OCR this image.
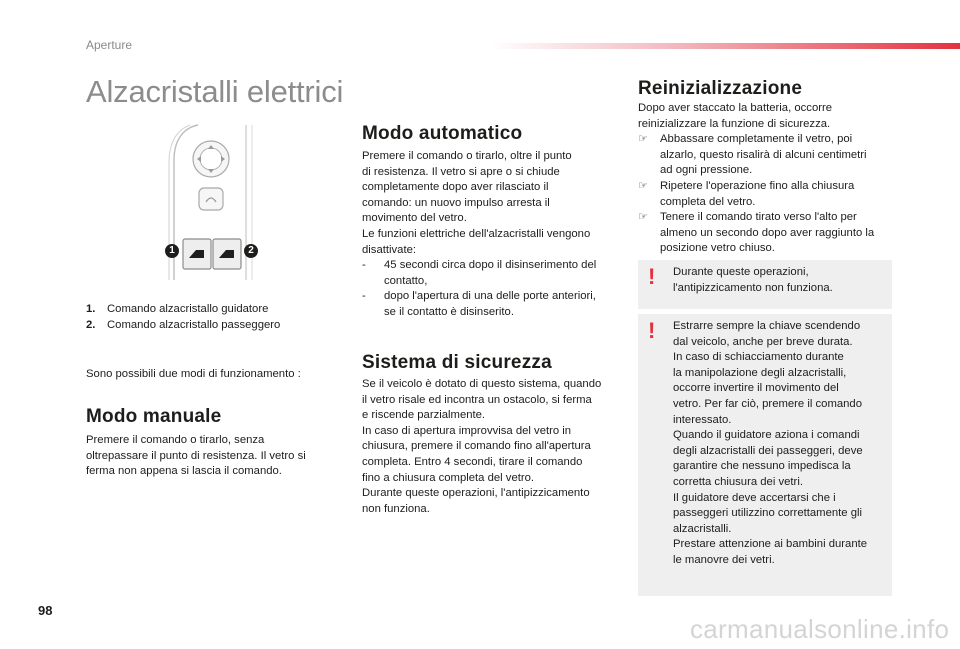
Aperture
Alzacristalli elettrici
1	2
1.	Comando alzacristallo guidatore
2.	Comando alzacristallo passeggero
Sono possibili due modi di funzionamento :
Modo manuale

Premere il comando o tirarlo, senza

oltrepassare il punto di resistenza. Il vetro si

ferma non appena si lascia il comando.

Modo automatico

Premere il comando o tirarlo, oltre il punto

di resistenza. Il vetro si apre o si chiude

completamente dopo aver rilasciato il

comando: un nuovo impulso arresta il

movimento del vetro.

Le funzioni elettriche dell'alzacristalli vengono

disattivate:

- 45 secondi circa dopo il disinserimento del

contatto,

- dopo l'apertura di una delle porte anteriori,

se il contatto è disinserito.

Sistema di sicurezza

Se il veicolo è dotato di questo sistema, quando

il vetro risale ed incontra un ostacolo, si ferma

e riscende parzialmente.

In caso di apertura improvvisa del vetro in

chiusura, premere il comando fino all'apertura

completa. Entro 4 secondi, tirare il comando

fino a chiusura completa del vetro.

Durante queste operazioni, l'antipizzicamento

non funziona.

Reinizializzazione

Dopo aver staccato la batteria, occorre

reinizializzare la funzione di sicurezza.

☞ Abbassare completamente il vetro, poi

alzarlo, questo risalirà di alcuni centimetri

ad ogni pressione.

☞ Ripetere l'operazione fino alla chiusura

completa del vetro.

☞ Tenere il comando tirato verso l'alto per

almeno un secondo dopo aver raggiunto la

posizione vetro chiuso.

! Durante queste operazioni,

l'antipizzicamento non funziona.

! Estrarre sempre la chiave scendendo

dal veicolo, anche per breve durata.

In caso di schiacciamento durante

la manipolazione degli alzacristalli,

occorre invertire il movimento del

vetro. Per far ciò, premere il comando

interessato.

Quando il guidatore aziona i comandi

degli alzacristalli dei passeggeri, deve

garantire che nessuno impedisca la

corretta chiusura dei vetri.

Il guidatore deve accertarsi che i

passeggeri utilizzino correttamente gli

alzacristalli.

Prestare attenzione ai bambini durante

le manovre dei vetri.

98
carmanualsonline.info
